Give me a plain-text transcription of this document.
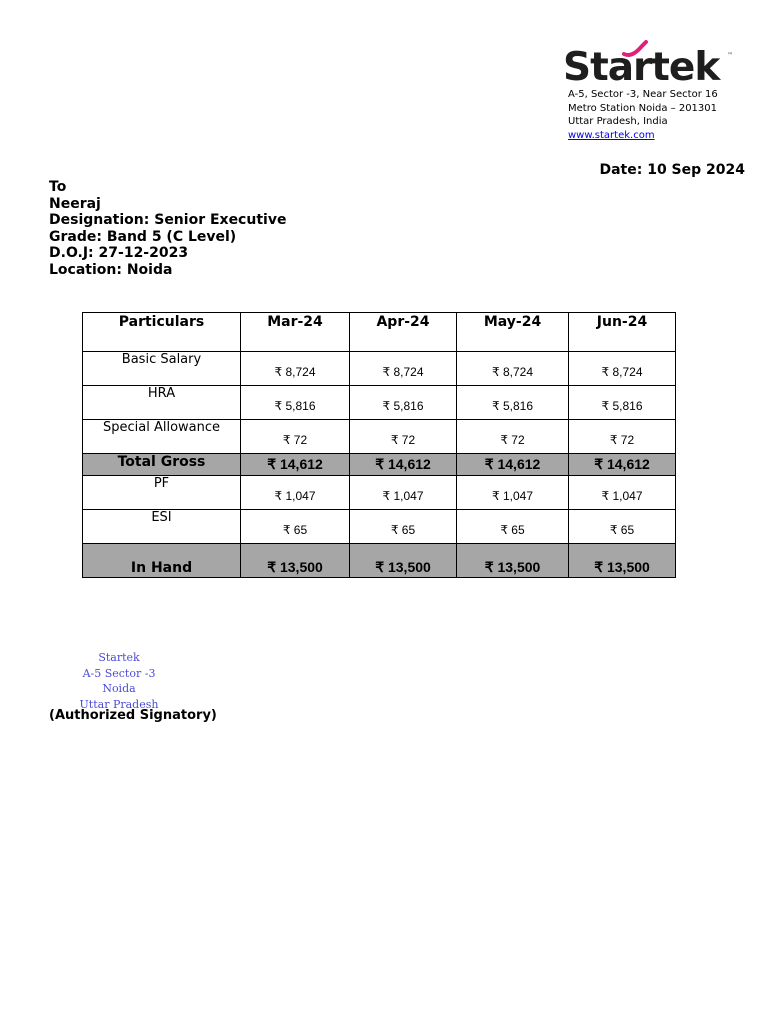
Startek ™
A-5, Sector -3, Near Sector 16
Metro Station Noida – 201301
Uttar Pradesh, India
www.startek.com
Date: 10 Sep 2024
To
Neeraj
Designation: Senior Executive
Grade: Band 5 (C Level)
D.O.J: 27-12-2023
Location: Noida
Particulars	Mar-24	Apr-24	May-24	Jun-24
Basic Salary	₹ 8,724	₹ 8,724	₹ 8,724	₹ 8,724
HRA	₹ 5,816	₹ 5,816	₹ 5,816	₹ 5,816
Special Allowance	₹ 72	₹ 72	₹ 72	₹ 72
Total Gross	₹ 14,612	₹ 14,612	₹ 14,612	₹ 14,612
PF	₹ 1,047	₹ 1,047	₹ 1,047	₹ 1,047
ESI	₹ 65	₹ 65	₹ 65	₹ 65
In Hand	₹ 13,500	₹ 13,500	₹ 13,500	₹ 13,500
Startek
A-5 Sector -3 Noida
Uttar Pradesh
(Authorized Signatory)
